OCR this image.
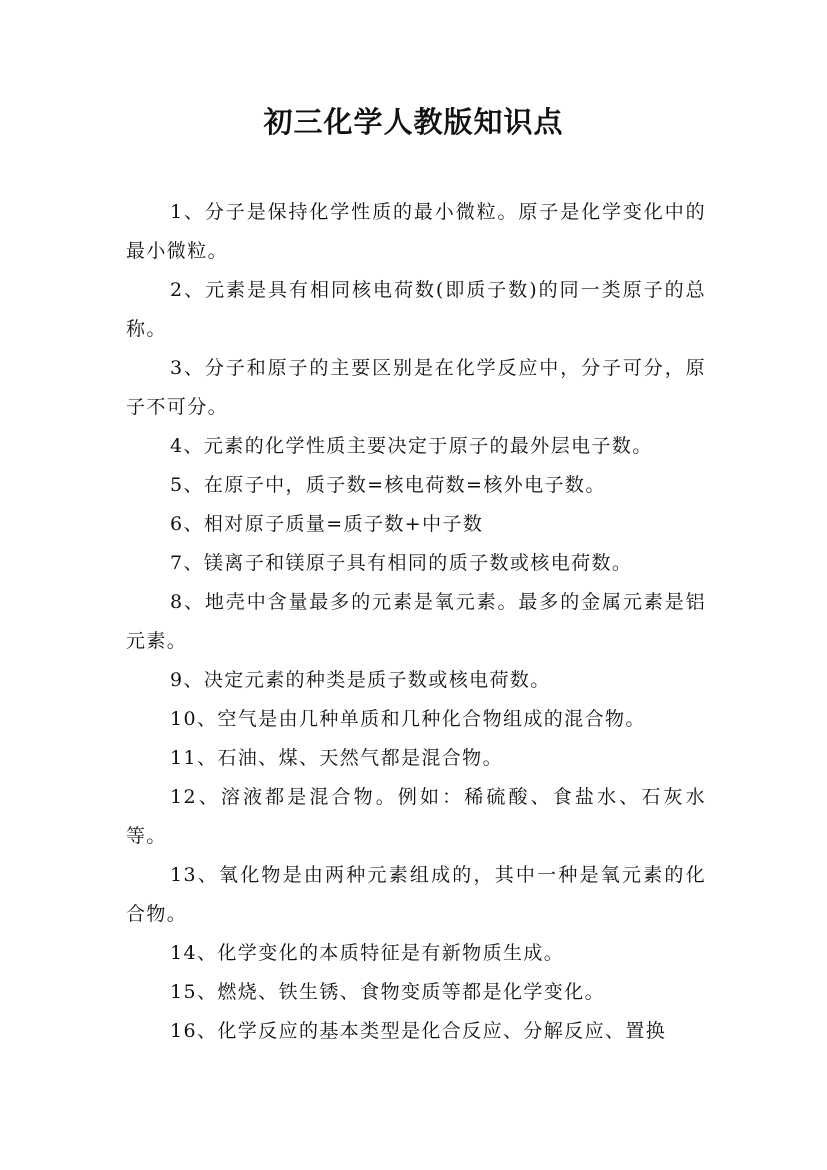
初三化学人教版知识点

1、分子是保持化学性质的最小微粒。原子是化学变化中的最小微粒。

2、元素是具有相同核电荷数(即质子数)的同一类原子的总称。

3、分子和原子的主要区别是在化学反应中，分子可分，原子不可分。

4、元素的化学性质主要决定于原子的最外层电子数。

5、在原子中，质子数=核电荷数=核外电子数。

6、相对原子质量=质子数+中子数

7、镁离子和镁原子具有相同的质子数或核电荷数。

8、地壳中含量最多的元素是氧元素。最多的金属元素是铝元素。

9、决定元素的种类是质子数或核电荷数。

10、空气是由几种单质和几种化合物组成的混合物。

11、石油、煤、天然气都是混合物。

12、溶液都是混合物。例如：稀硫酸、食盐水、石灰水等。

13、氧化物是由两种元素组成的，其中一种是氧元素的化合物。

14、化学变化的本质特征是有新物质生成。

15、燃烧、铁生锈、食物变质等都是化学变化。

16、化学反应的基本类型是化合反应、分解反应、置换
